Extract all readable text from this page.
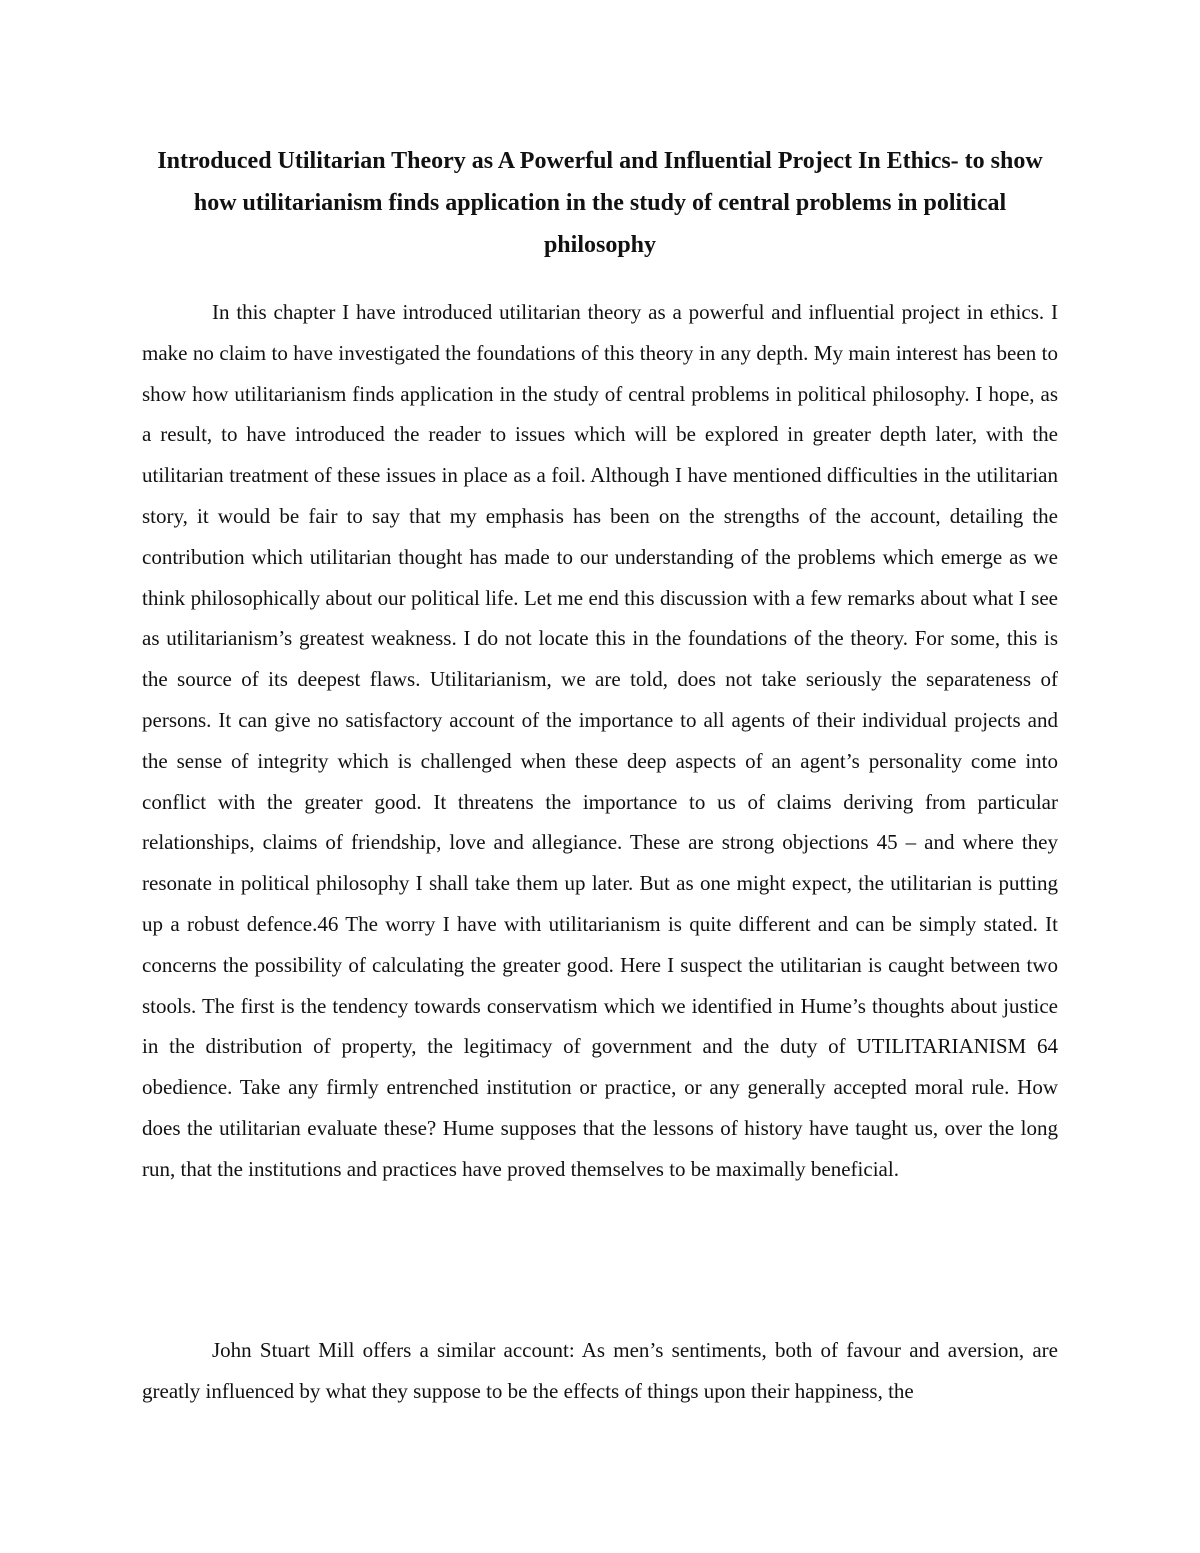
Introduced Utilitarian Theory as A Powerful and Influential Project In Ethics- to show how utilitarianism finds application in the study of central problems in political philosophy

In this chapter I have introduced utilitarian theory as a powerful and influential project in ethics. I make no claim to have investigated the foundations of this theory in any depth. My main interest has been to show how utilitarianism finds application in the study of central problems in political philosophy. I hope, as a result, to have introduced the reader to issues which will be explored in greater depth later, with the utilitarian treatment of these issues in place as a foil. Although I have mentioned difficulties in the utilitarian story, it would be fair to say that my emphasis has been on the strengths of the account, detailing the contribution which utilitarian thought has made to our understanding of the problems which emerge as we think philosophically about our political life. Let me end this discussion with a few remarks about what I see as utilitarianism’s greatest weakness. I do not locate this in the foundations of the theory. For some, this is the source of its deepest flaws. Utilitarianism, we are told, does not take seriously the separateness of persons. It can give no satisfactory account of the importance to all agents of their individual projects and the sense of integrity which is challenged when these deep aspects of an agent’s personality come into conflict with the greater good. It threatens the importance to us of claims deriving from particular relationships, claims of friendship, love and allegiance. These are strong objections 45 – and where they resonate in political philosophy I shall take them up later. But as one might expect, the utilitarian is putting up a robust defence.46 The worry I have with utilitarianism is quite different and can be simply stated. It concerns the possibility of calculating the greater good. Here I suspect the utilitarian is caught between two stools. The first is the tendency towards conservatism which we identified in Hume’s thoughts about justice in the distribution of property, the legitimacy of government and the duty of UTILITARIANISM 64 obedience. Take any firmly entrenched institution or practice, or any generally accepted moral rule. How does the utilitarian evaluate these? Hume supposes that the lessons of history have taught us, over the long run, that the institutions and practices have proved themselves to be maximally beneficial.

John Stuart Mill offers a similar account: As men’s sentiments, both of favour and aversion, are greatly influenced by what they suppose to be the effects of things upon their happiness, the
